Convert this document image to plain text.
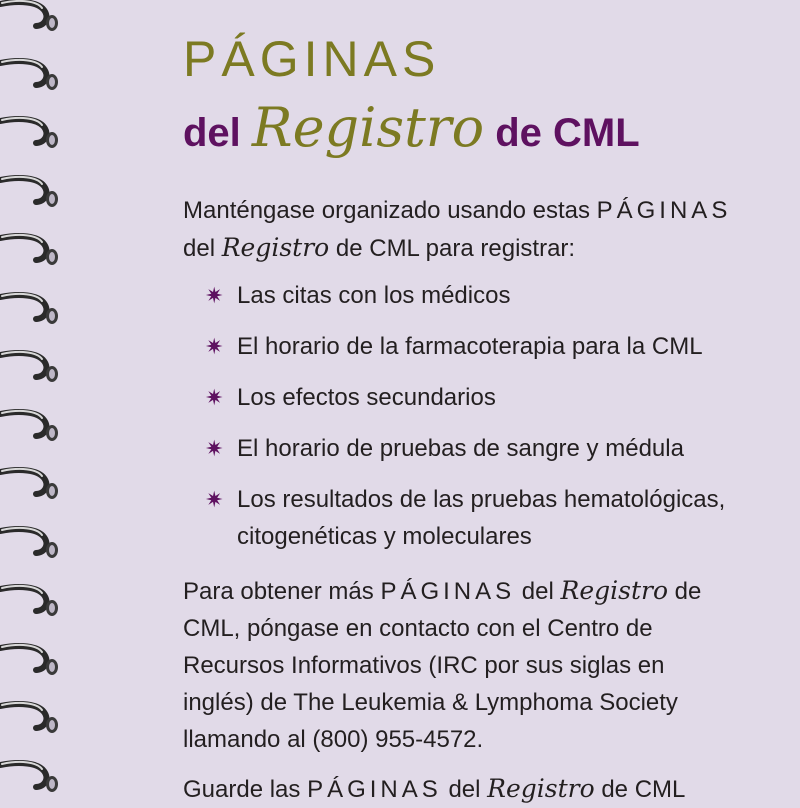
PÁGINAS
del Registro de CML
Manténgase organizado usando estas PÁGINAS
del Registro de CML para registrar:
✷ Las citas con los médicos
✷ El horario de la farmacoterapia para la CML
✷ Los efectos secundarios
✷ El horario de pruebas de sangre y médula
✷ Los resultados de las pruebas hematológicas,
citogenéticas y moleculares
Para obtener más PÁGINAS del Registro de
CML, póngase en contacto con el Centro de
Recursos Informativos (IRC por sus siglas en
inglés) de The Leukemia & Lymphoma Society
llamando al (800) 955-4572.
Guarde las PÁGINAS del Registro de CML
